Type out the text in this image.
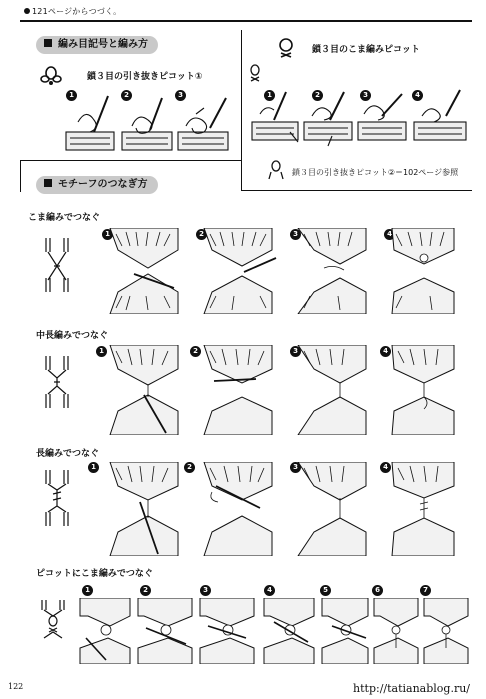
121ページからつづく。
編み目記号と編み方
鎖３目の引き抜きピコット①
鎖３目のこま編みピコット
1	2	3	1	2	3	4
鎖３目の引き抜きピコット②＝102ページ参照
モチーフのつなぎ方
こま編みでつなぐ
1	2	3	4
中長編みでつなぐ
1	2	3	4
長編みでつなぐ
1	2	3	4
ピコットにこま編みでつなぐ
1	2	3	4	5	6	7
122	http://tatianablog.ru/
